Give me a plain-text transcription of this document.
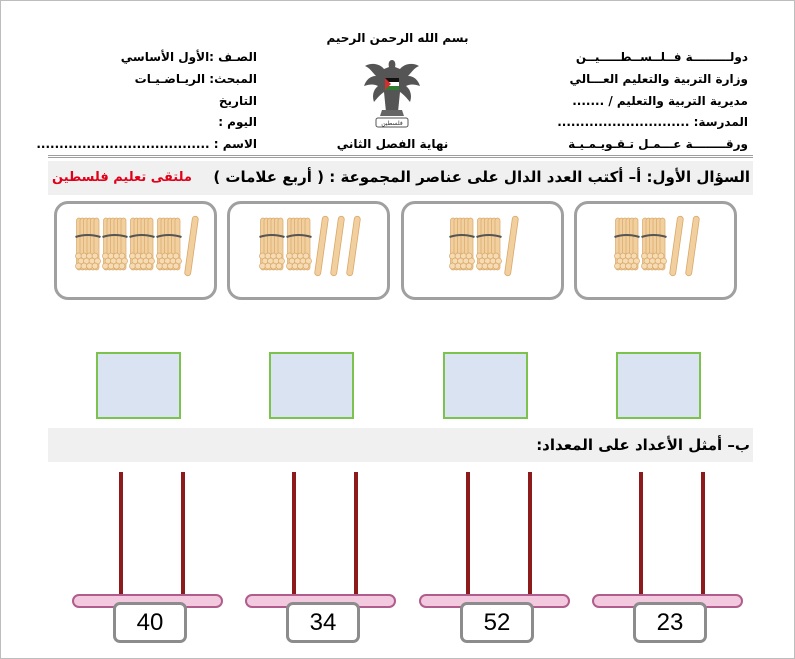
بسم الله الرحمن الرحيم
دولـــــــــة فــلــســطـــــيــن
وزارة التربية والتعليم العـــالي
مديرية التربية والتعليم / .......
المدرسة: .............................
ورقــــــــة عـــمـل تـقـويـمـيـة
الصـف :الأول الأساسي
المبحث: الريـاضـيـات
التاريخ
اليوم :
الاسم : ......................................
فلسطين
نهاية الفصل الثاني
السؤال الأول: أ– أكتب العدد الدال على عناصر المجموعة : ( أربع علامات )
ملتقى تعليم فلسطين
ب– أمثل الأعداد على المعداد:
40	34	52	23
